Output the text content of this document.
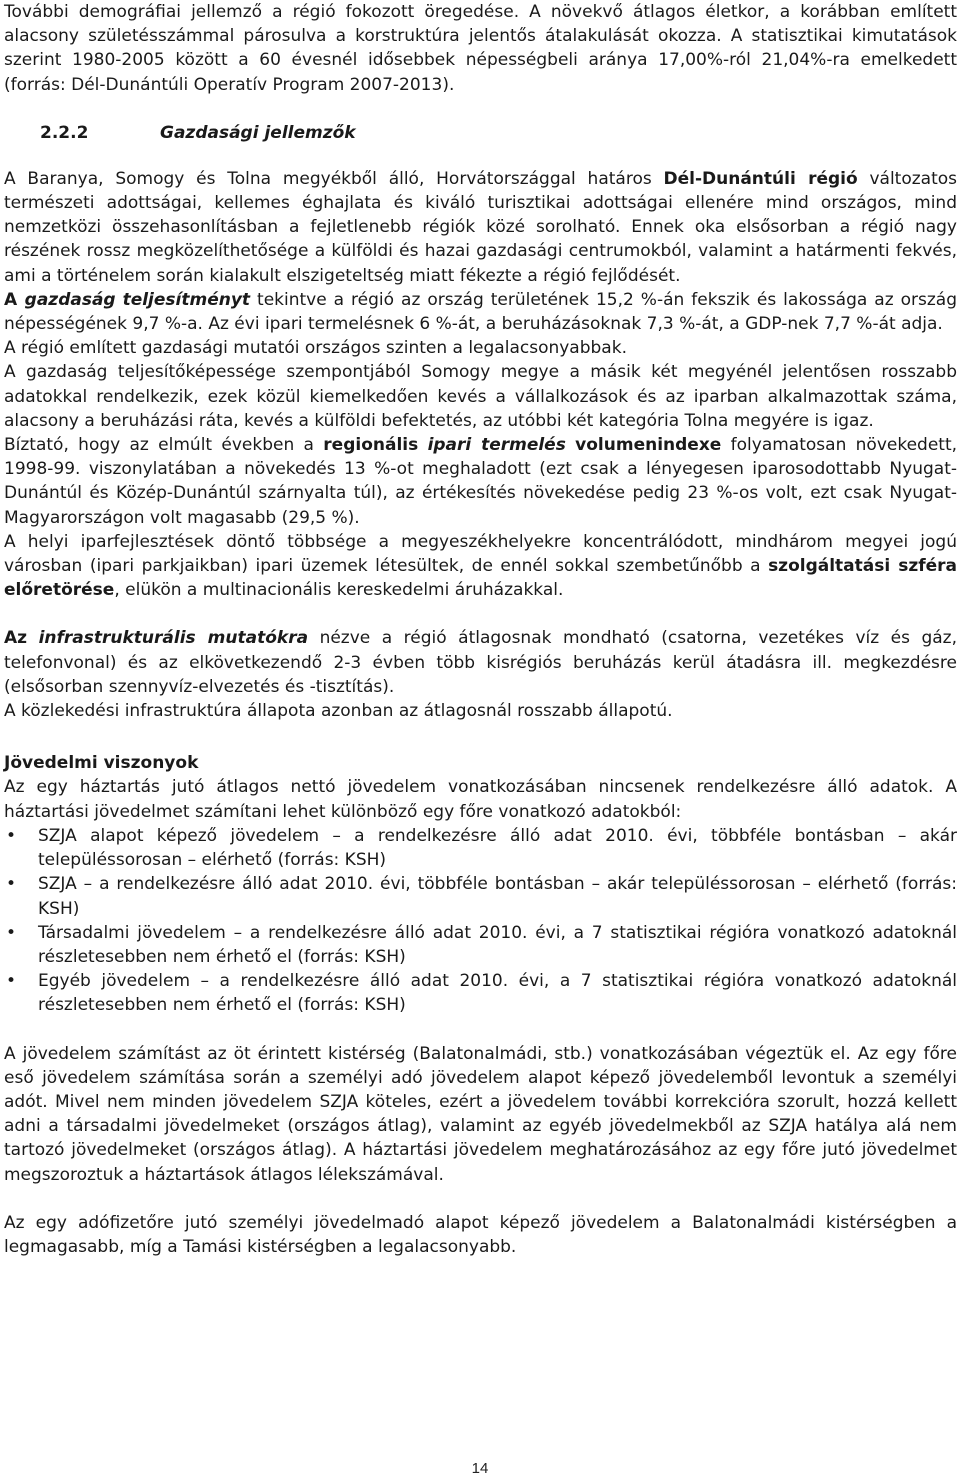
További demográfiai jellemző a régió fokozott öregedése. A növekvő átlagos életkor, a korábban említett alacsony születésszámmal párosulva a korstruktúra jelentős átalakulását okozza. A statisztikai kimutatások szerint 1980-2005 között a 60 évesnél idősebbek népességbeli aránya 17,00%-ról 21,04%-ra emelkedett (forrás: Dél-Dunántúli Operatív Program 2007-2013).

2.2.2	Gazdasági jellemzők

A Baranya, Somogy és Tolna megyékből álló, Horvátországgal határos Dél-Dunántúli régió változatos természeti adottságai, kellemes éghajlata és kiváló turisztikai adottságai ellenére mind országos, mind nemzetközi összehasonlításban a fejletlenebb régiók közé sorolható. Ennek oka elsősorban a régió nagy részének rossz megközelíthetősége a külföldi és hazai gazdasági centrumokból, valamint a határmenti fekvés, ami a történelem során kialakult elszigeteltség miatt fékezte a régió fejlődését.

A gazdaság teljesítményt tekintve a régió az ország területének 15,2 %-án fekszik és lakossága az ország népességének 9,7 %-a. Az évi ipari termelésnek 6 %-át, a beruházásoknak 7,3 %-át, a GDP-nek 7,7 %-át adja.

A régió említett gazdasági mutatói országos szinten a legalacsonyabbak.

A gazdaság teljesítőképessége szempontjából Somogy megye a másik két megyénél jelentősen rosszabb adatokkal rendelkezik, ezek közül kiemelkedően kevés a vállalkozások és az iparban alkalmazottak száma, alacsony a beruházási ráta, kevés a külföldi befektetés, az utóbbi két kategória Tolna megyére is igaz.

Bíztató, hogy az elmúlt években a regionális ipari termelés volumenindexe folyamatosan növekedett, 1998-99. viszonylatában a növekedés 13 %-ot meghaladott (ezt csak a lényegesen iparosodottabb Nyugat-Dunántúl és Közép-Dunántúl szárnyalta túl), az értékesítés növekedése pedig 23 %-os volt, ezt csak Nyugat-Magyarországon volt magasabb (29,5 %).

A helyi iparfejlesztések döntő többsége a megyeszékhelyekre koncentrálódott, mindhárom megyei jogú városban (ipari parkjaikban) ipari üzemek létesültek, de ennél sokkal szembetűnőbb a szolgáltatási szféra előretörése, elükön a multinacionális kereskedelmi áruházakkal.

Az infrastrukturális mutatókra nézve a régió átlagosnak mondható (csatorna, vezetékes víz és gáz, telefonvonal) és az elkövetkezendő 2-3 évben több kisrégiós beruházás kerül átadásra ill. megkezdésre (elsősorban szennyvíz-elvezetés és -tisztítás).

A közlekedési infrastruktúra állapota azonban az átlagosnál rosszabb állapotú.

Jövedelmi viszonyok

Az egy háztartás jutó átlagos nettó jövedelem vonatkozásában nincsenek rendelkezésre álló adatok. A háztartási jövedelmet számítani lehet különböző egy főre vonatkozó adatokból:

• SZJA alapot képező jövedelem – a rendelkezésre álló adat 2010. évi, többféle bontásban – akár településsorosan – elérhető (forrás: KSH)
• SZJA – a rendelkezésre álló adat 2010. évi, többféle bontásban – akár településsorosan – elérhető (forrás: KSH)
• Társadalmi jövedelem – a rendelkezésre álló adat 2010. évi, a 7 statisztikai régióra vonatkozó adatoknál részletesebben nem érhető el (forrás: KSH)
• Egyéb jövedelem – a rendelkezésre álló adat 2010. évi, a 7 statisztikai régióra vonatkozó adatoknál részletesebben nem érhető el (forrás: KSH)

A jövedelem számítást az öt érintett kistérség (Balatonalmádi, stb.) vonatkozásában végeztük el. Az egy főre eső jövedelem számítása során a személyi adó jövedelem alapot képező jövedelemből levontuk a személyi adót. Mivel nem minden jövedelem SZJA köteles, ezért a jövedelem további korrekcióra szorult, hozzá kellett adni a társadalmi jövedelmeket (országos átlag), valamint az egyéb jövedelmekből az SZJA hatálya alá nem tartozó jövedelmeket (országos átlag). A háztartási jövedelem meghatározásához az egy főre jutó jövedelmet megszoroztuk a háztartások átlagos lélekszámával.

Az egy adófizetőre jutó személyi jövedelmadó alapot képező jövedelem a Balatonalmádi kistérségben a legmagasabb, míg a Tamási kistérségben a legalacsonyabb.

14
